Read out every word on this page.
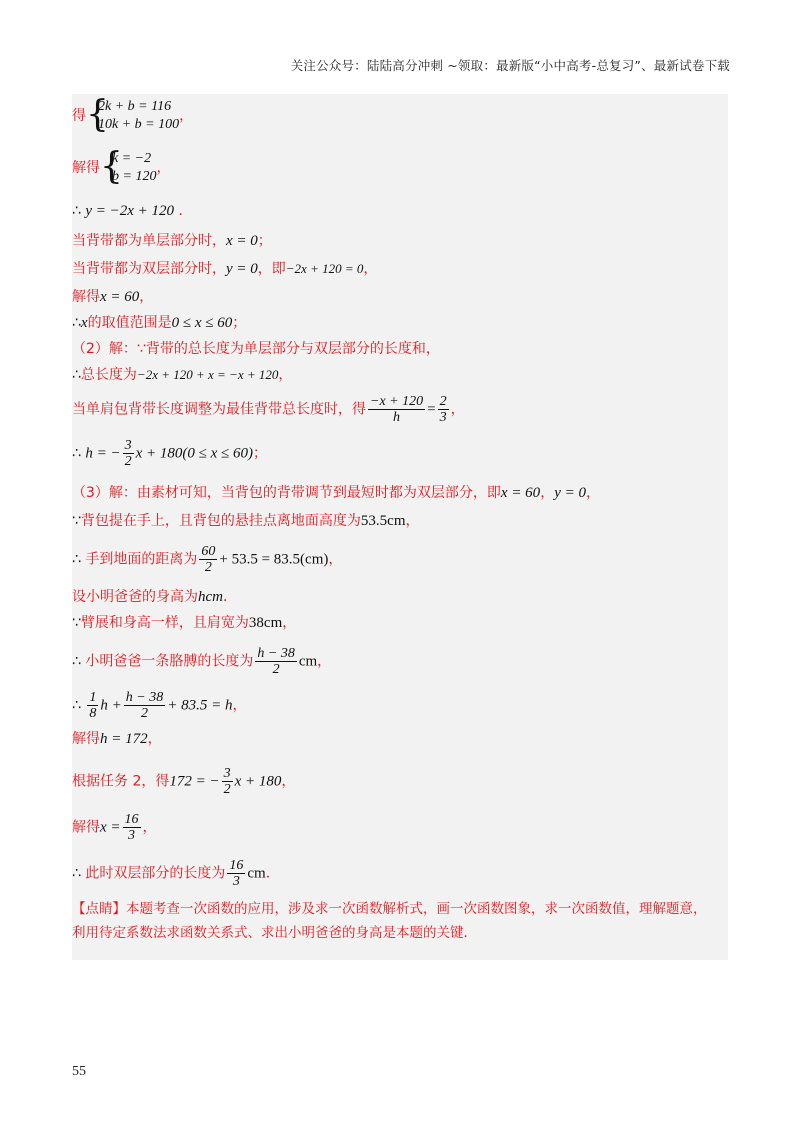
关注公众号：陆陆高分冲刺 ~领取：最新版“小中高考-总复习”、最新试卷下载
得 {
2k + b = 116
10k + b = 100
，
解得 {
k = −2
b = 120
，
∴ y = −2x + 120 ．
当背带都为单层部分时，x = 0；
当背带都为双层部分时，y = 0，即−2x + 120 = 0，
解得x = 60，
∴x的取值范围是0 ≤ x ≤ 60；
（2）解：∵背带的总长度为单层部分与双层部分的长度和，
∴总长度为−2x + 120 + x = −x + 120，
当单肩包背带长度调整为最佳背带总长度时，得 $\frac{-x + 120}{h} = \frac{2}{3}$ ，
∴ h = − $\frac{3}{2}$ x + 180(0 ≤ x ≤ 60)；
（3）解：由素材可知，当背包的背带调节到最短时都为双层部分，即x = 60，y = 0，
∵背包提在手上，且背包的悬挂点离地面高度为53.5cm，
∴ 手到地面的距离为 $\frac{60}{2} + 53.5 = 83.5(cm)$，
设小明爸爸的身高为hcm．
∵臂展和身高一样，且肩宽为38cm，
∴ 小明爸爸一条胳膊的长度为 $\frac{h - 38}{2}$ cm，
∴ $\frac{1}{8}$ $h + \frac{h - 38}{2} + 83.5 = h$，
解得h = 172，
根据任务 2，得172 = − $\frac{3}{2}$ x + 180，
解得$x = \frac{16}{3}$ ，
∴ 此时双层部分的长度为 $\frac{16}{3}$ cm．
【点睛】本题考查一次函数的应用，涉及求一次函数解析式，画一次函数图象，求一次函数值，理解题意，
利用待定系数法求函数关系式、求出小明爸爸的身高是本题的关键．
55
